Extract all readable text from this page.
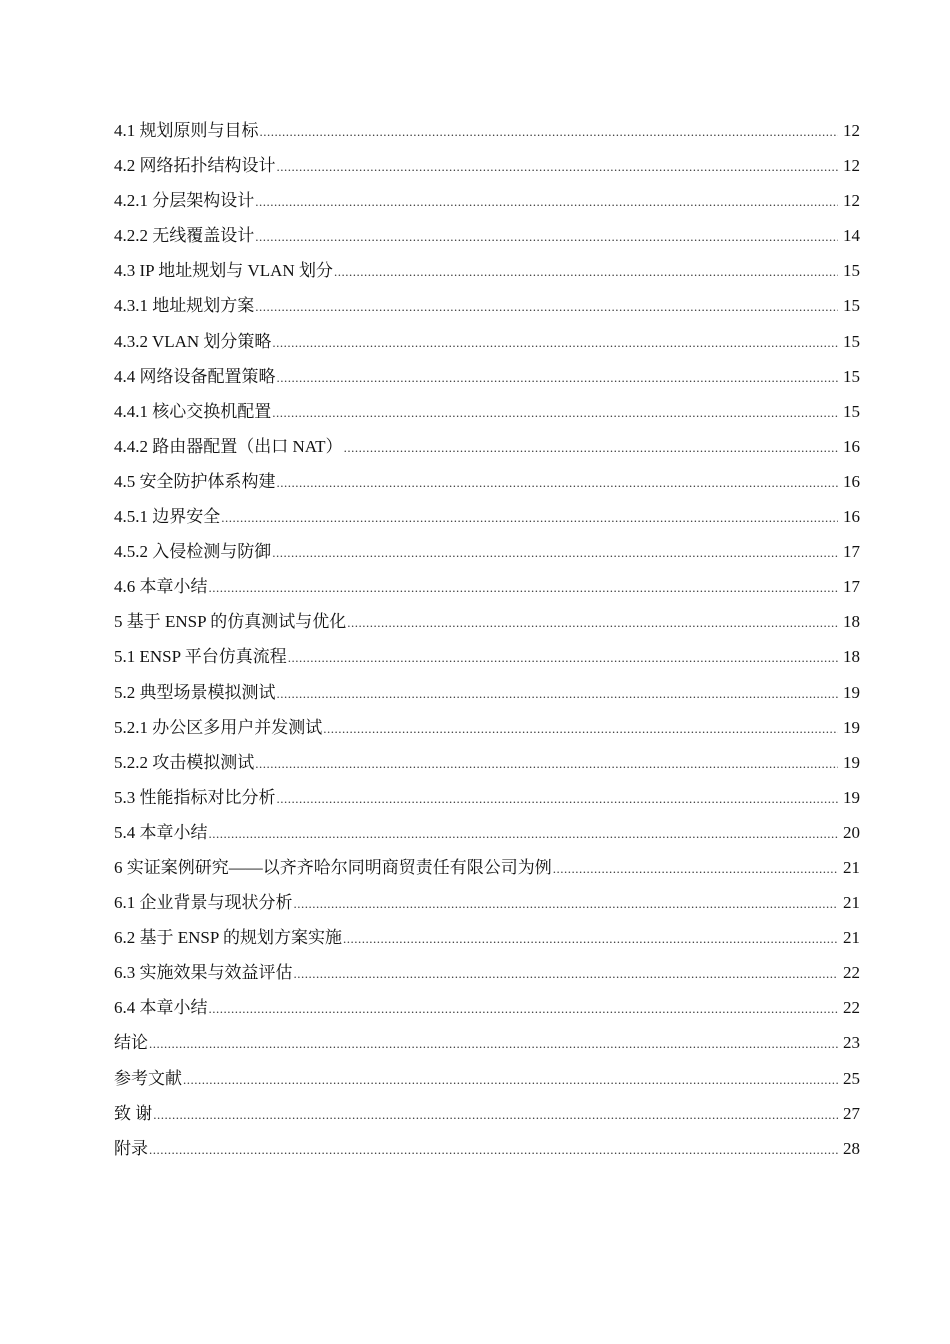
4.1 规划原则与目标 .....	12
4.2 网络拓扑结构设计 .....	12
4.2.1 分层架构设计 .....	12
4.2.2 无线覆盖设计 .....	14
4.3 IP 地址规划与 VLAN 划分 .....	15
4.3.1 地址规划方案 .....	15
4.3.2 VLAN 划分策略 .....	15
4.4 网络设备配置策略 .....	15
4.4.1 核心交换机配置 .....	15
4.4.2 路由器配置（出口 NAT） .....	16
4.5 安全防护体系构建 .....	16
4.5.1 边界安全 .....	16
4.5.2 入侵检测与防御 .....	17
4.6 本章小结 .....	17
5 基于 ENSP 的仿真测试与优化 .....	18
5.1 ENSP 平台仿真流程 .....	18
5.2 典型场景模拟测试 .....	19
5.2.1 办公区多用户并发测试 .....	19
5.2.2 攻击模拟测试 .....	19
5.3 性能指标对比分析 .....	19
5.4 本章小结 .....	20
6 实证案例研究——以齐齐哈尔同明商贸责任有限公司为例 .....	21
6.1 企业背景与现状分析 .....	21
6.2 基于 ENSP 的规划方案实施 .....	21
6.3 实施效果与效益评估 .....	22
6.4 本章小结 .....	22
结论 .....	23
参考文献 .....	25
致 谢 .....	27
附录 .....	28
